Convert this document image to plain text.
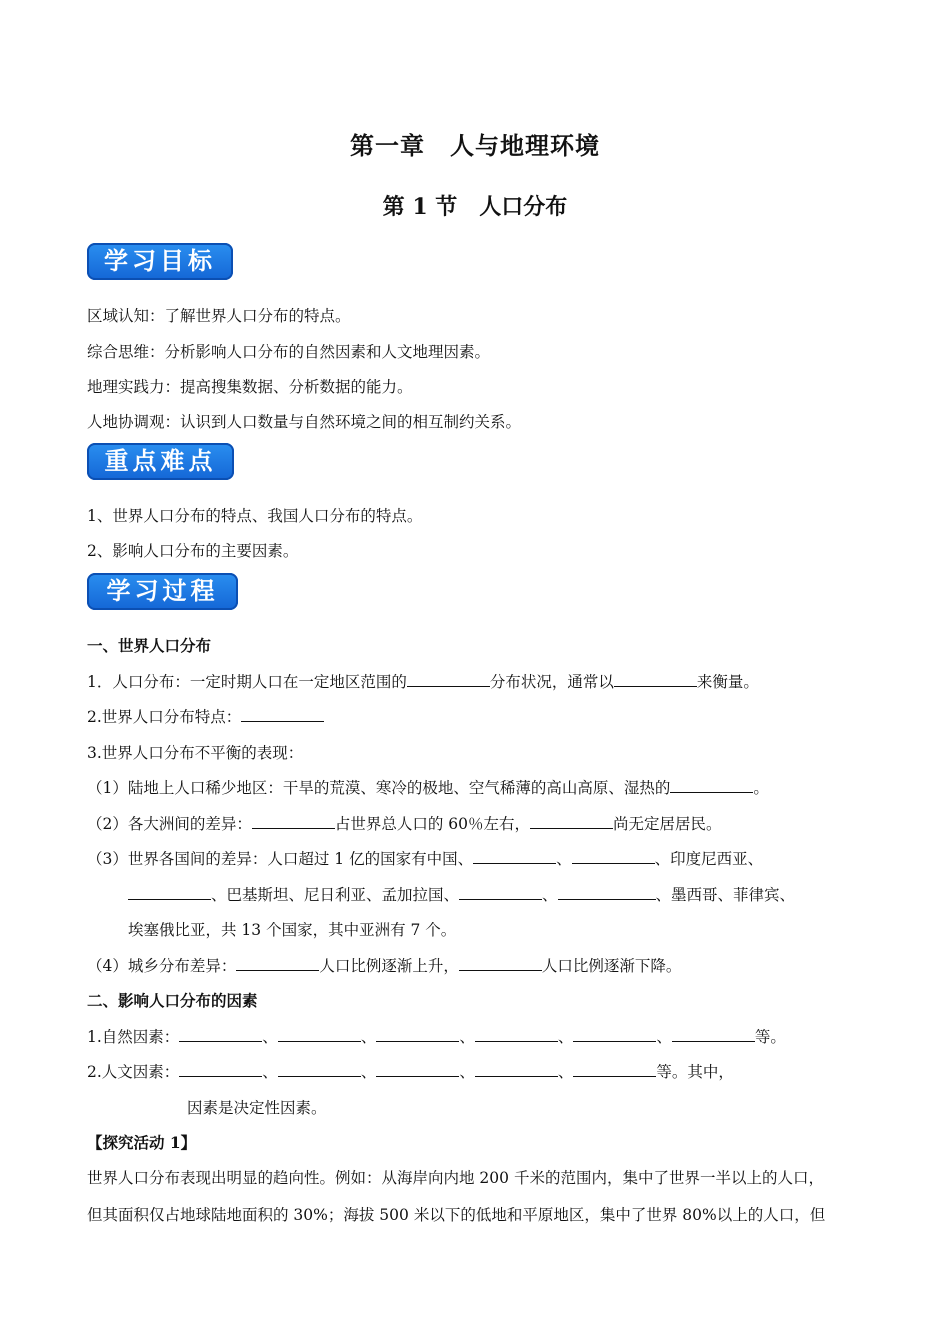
第一章　人与地理环境
第 1 节　人口分布
学习目标
区域认知：了解世界人口分布的特点。
综合思维：分析影响人口分布的自然因素和人文地理因素。
地理实践力：提高搜集数据、分析数据的能力。
人地协调观：认识到人口数量与自然环境之间的相互制约关系。
重点难点
1、世界人口分布的特点、我国人口分布的特点。
2、影响人口分布的主要因素。
学习过程
一、世界人口分布
1．人口分布：一定时期人口在一定地区范围的	分布状况，通常以	来衡量。
2.世界人口分布特点：
3.世界人口分布不平衡的表现：
（1）陆地上人口稀少地区：干旱的荒漠、寒冷的极地、空气稀薄的高山高原、湿热的	。
（2）各大洲间的差异：	占世界总人口的 60％左右，	尚无定居居民。
（3）世界各国间的差异：人口超过 1 亿的国家有中国、	、	、印度尼西亚、
、巴基斯坦、尼日利亚、孟加拉国、	、	、墨西哥、菲律宾、
埃塞俄比亚，共 13 个国家，其中亚洲有 7 个。
（4）城乡分布差异：	人口比例逐渐上升，	人口比例逐渐下降。
二、影响人口分布的因素
1.自然因素：	、	、	、	、	、	等。
2.人文因素：	、	、	、	、	等。其中，
因素是决定性因素。
【探究活动 1】
世界人口分布表现出明显的趋向性。例如：从海岸向内地 200 千米的范围内，集中了世界一半以上的人口，
但其面积仅占地球陆地面积的 30%；海拔 500 米以下的低地和平原地区，集中了世界 80%以上的人口，但
